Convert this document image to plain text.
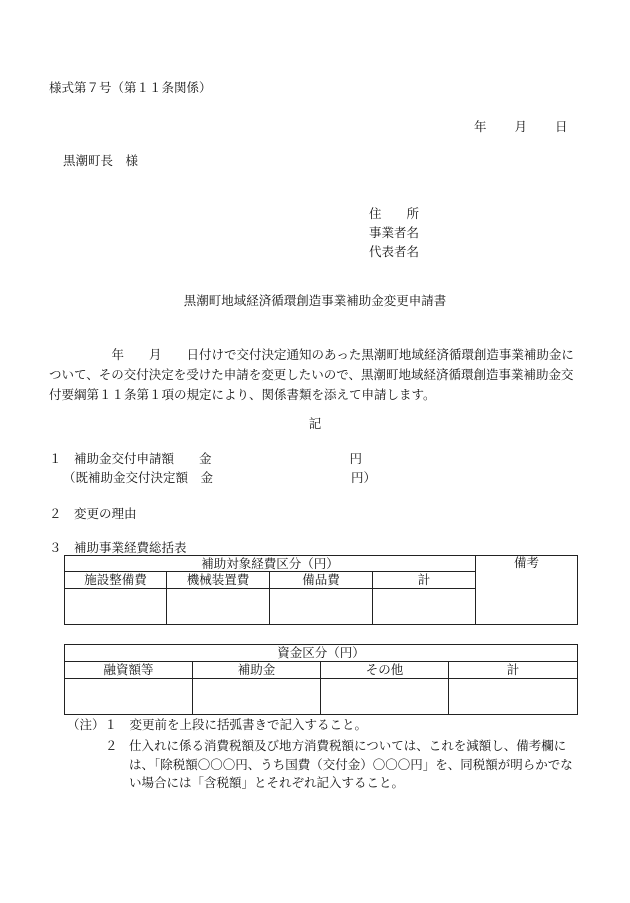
様式第７号（第１１条関係）
年 月 日
黒潮町長　様
住　　所
事業者名
代表者名
黒潮町地域経済循環創造事業補助金変更申請書
　　　　　年　　月　　日付けで交付決定通知のあった黒潮町地域経済循環創造事業補助金について、その交付決定を受けた申請を変更したいので、黒潮町地域経済循環創造事業補助金交付要綱第１１条第１項の規定により、関係書類を添えて申請します。
記
１　補助金交付申請額　　金	円
（既補助金交付決定額　金	円）
２　変更の理由
３　補助事業経費総括表
補助対象経費区分（円）				備考
施設整備費	機械装置費	備品費	計	

資金区分（円）			
融資額等	補助金	その他	計

（注）１　変更前を上段に括弧書きで記入すること。
２ 仕入れに係る消費税額及び地方消費税額については、これを減額し、備考欄には、「除税額〇〇〇円、うち国費（交付金）〇〇〇円」を、同税額が明らかでない場合には「含税額」とそれぞれ記入すること。
